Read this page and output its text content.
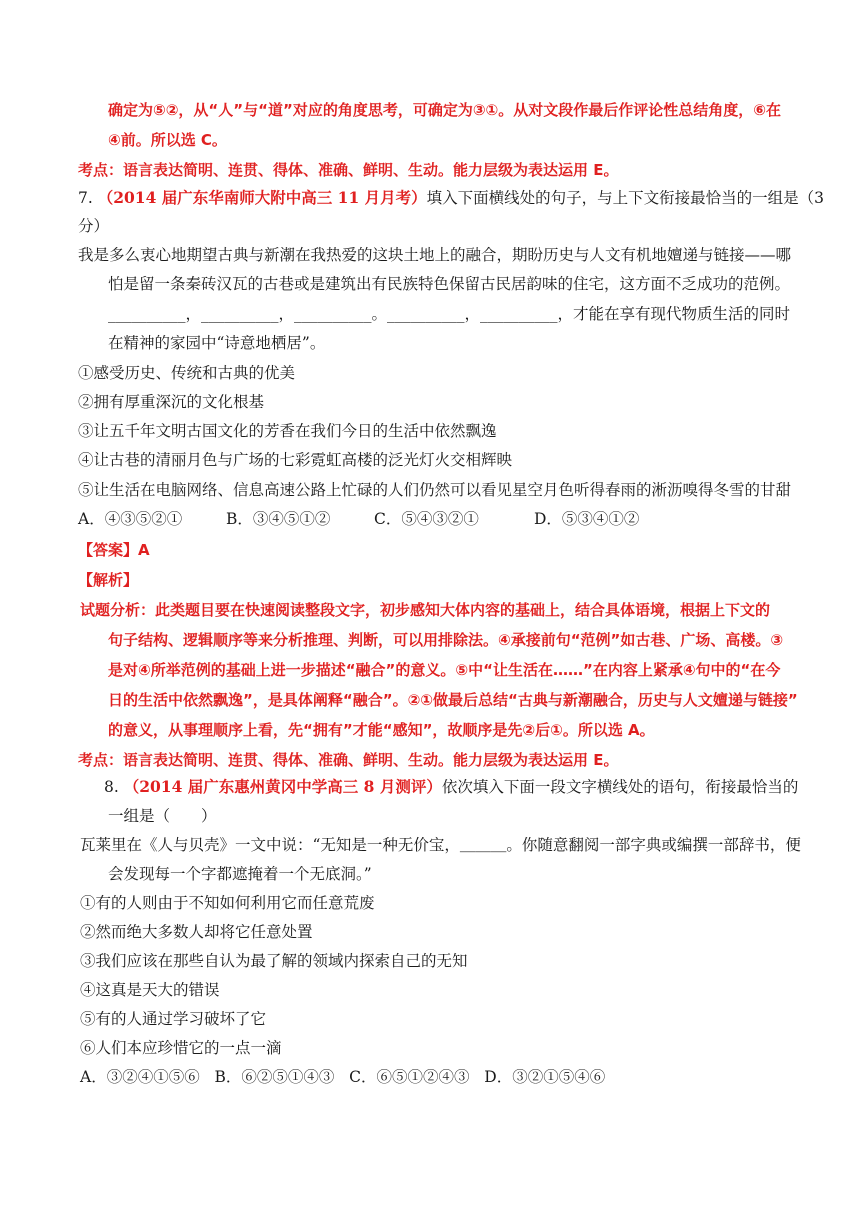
确定为⑤②，从“人”与“道”对应的角度思考，可确定为③①。从对文段作最后作评论性总结角度，⑥在
④前。所以选 C。
考点：语言表达简明、连贯、得体、准确、鲜明、生动。能力层级为表达运用 E。
7. （2014 届广东华南师大附中高三 11 月月考）填入下面横线处的句子，与上下文衔接最恰当的一组是（3
分）
我是多么衷心地期望古典与新潮在我热爱的这块土地上的融合，期盼历史与人文有机地嬗递与链接——哪
怕是留一条秦砖汉瓦的古巷或是建筑出有民族特色保留古民居韵味的住宅，这方面不乏成功的范例。
__________，__________，__________。__________，__________，才能在享有现代物质生活的同时
在精神的家园中“诗意地栖居”。
①感受历史、传统和古典的优美
②拥有厚重深沉的文化根基
③让五千年文明古国文化的芳香在我们今日的生活中依然飘逸
④让古巷的清丽月色与广场的七彩霓虹高楼的泛光灯火交相辉映
⑤让生活在电脑网络、信息高速公路上忙碌的人们仍然可以看见星空月色听得春雨的淅沥嗅得冬雪的甘甜
A．④③⑤②①	B．③④⑤①②	C．⑤④③②①	D．⑤③④①②
【答案】A
【解析】
试题分析：此类题目要在快速阅读整段文字，初步感知大体内容的基础上，结合具体语境，根据上下文的
句子结构、逻辑顺序等来分析推理、判断，可以用排除法。④承接前句“范例”如古巷、广场、高楼。③
是对④所举范例的基础上进一步描述“融合”的意义。⑤中“让生活在……”在内容上紧承④句中的“在今
日的生活中依然飘逸”，是具体阐释“融合”。②①做最后总结“古典与新潮融合，历史与人文嬗递与链接”
的意义，从事理顺序上看，先“拥有”才能“感知”，故顺序是先②后①。所以选 A。
考点：语言表达简明、连贯、得体、准确、鲜明、生动。能力层级为表达运用 E。
8. （2014 届广东惠州黄冈中学高三 8 月测评）依次填入下面一段文字横线处的语句，衔接最恰当的
一组是（　　）
瓦莱里在《人与贝壳》一文中说：“无知是一种无价宝，＿＿＿。你随意翻阅一部字典或编撰一部辞书，便
会发现每一个字都遮掩着一个无底洞。”
①有的人则由于不知如何利用它而任意荒废
②然而绝大多数人却将它任意处置
③我们应该在那些自认为最了解的领域内探索自己的无知
④这真是天大的错误
⑤有的人通过学习破坏了它
⑥人们本应珍惜它的一点一滴
A．③②④①⑤⑥   B．⑥②⑤①④③   C．⑥⑤①②④③   D．③②①⑤④⑥
